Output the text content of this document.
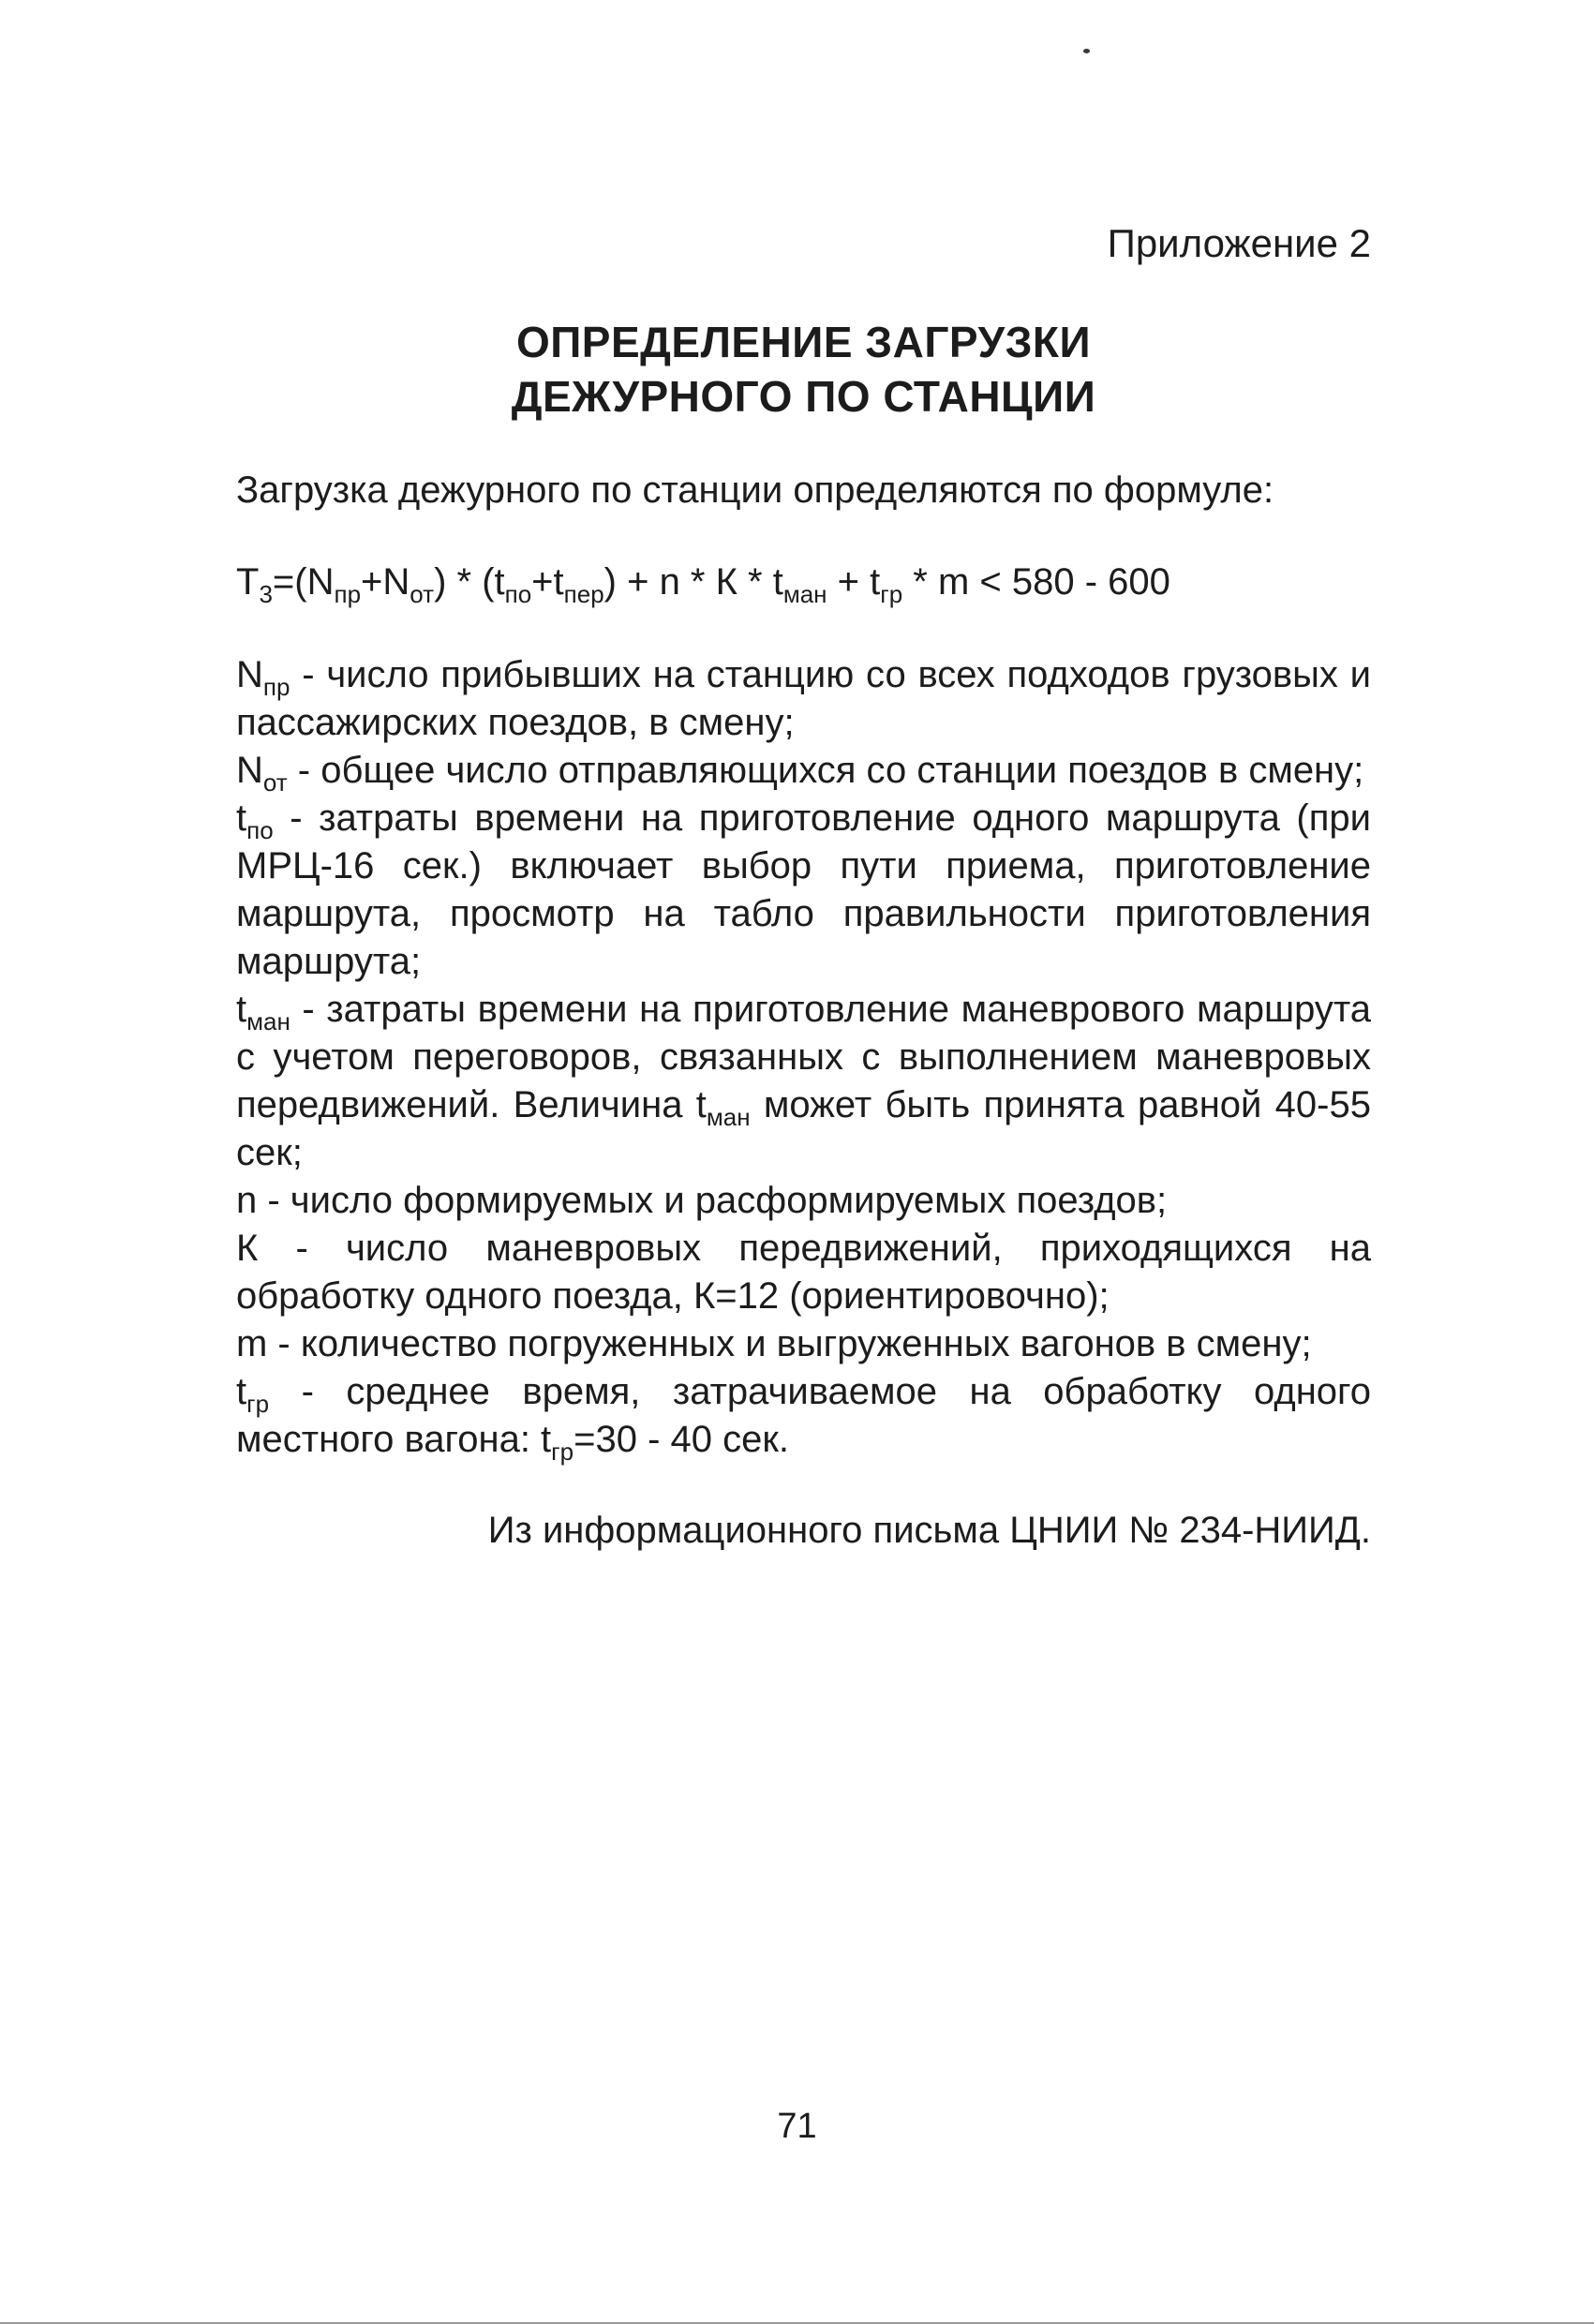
Приложение 2
ОПРЕДЕЛЕНИЕ ЗАГРУЗКИ
ДЕЖУРНОГО ПО СТАНЦИИ

Загрузка дежурного по станции определяются по формуле:

$Т_3=(N_{пр}+N_{от}) * (t_{по}+t_{пер}) + n * К * t_{ман} + t_{гр} * m < 580 - 600$

$N_{пр}$ - число прибывших на станцию со всех подходов грузовых и пассажирских поездов, в смену;

$N_{от}$ - общее число отправляющихся со станции поездов в смену;

$t_{по}$ - затраты времени на приготовление одного маршрута (при МРЦ-16 сек.) включает выбор пути приема, приготовление маршрута, просмотр на табло правильности приготовления маршрута;

$t_{ман}$ - затраты времени на приготовление маневрового маршрута с учетом переговоров, связанных с выполнением маневровых передвижений. Величина $t_{ман}$ может быть принята равной 40-55 сек;

n - число формируемых и расформируемых поездов;

К - число маневровых передвижений, приходящихся на обработку одного поезда, К=12 (ориентировочно);

m - количество погруженных и выгруженных вагонов в смену;

$t_{гр}$ - среднее время, затрачиваемое на обработку одного местного вагона: $t_{гр}=30 - 40$ сек.

Из информационного письма ЦНИИ № 234-НИИД.

71
